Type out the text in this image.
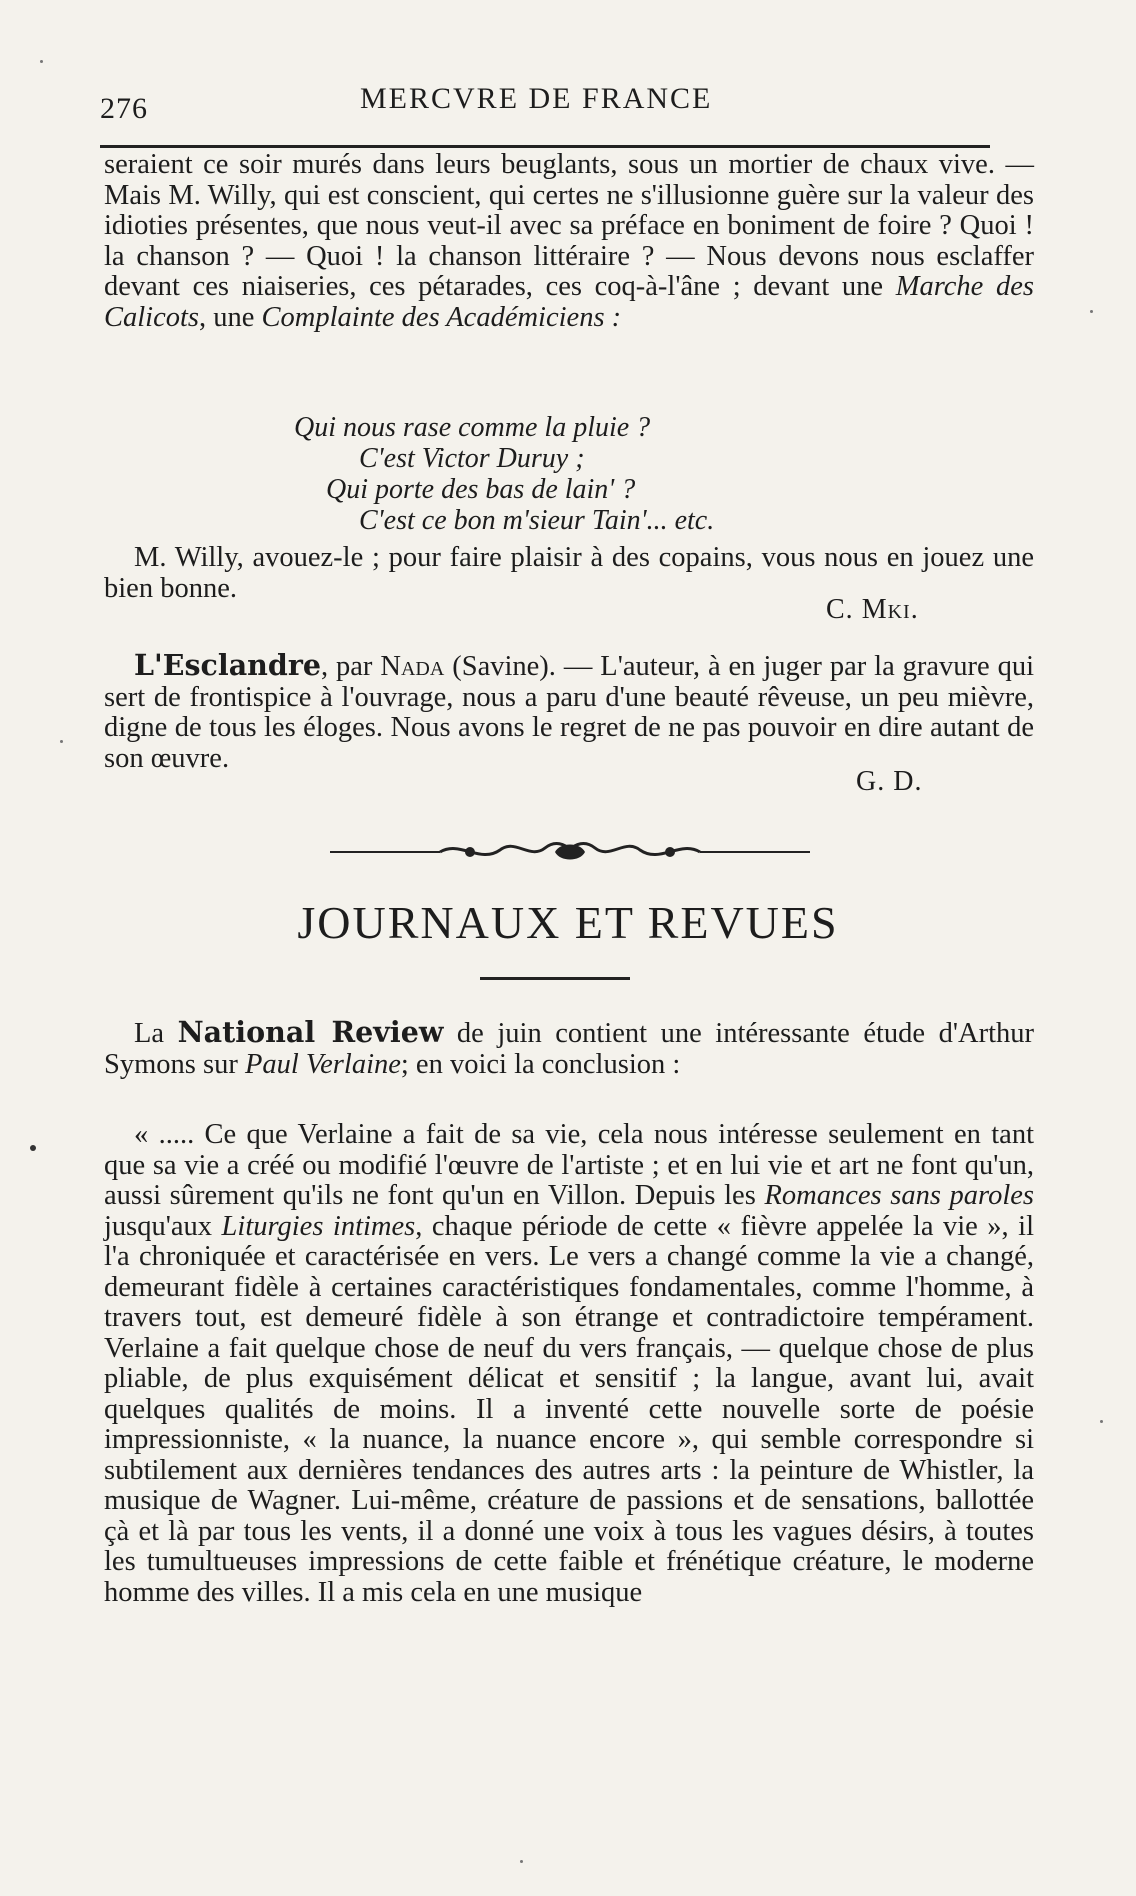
276	MERCVRE DE FRANCE

seraient ce soir murés dans leurs beuglants, sous un mortier de chaux vive. — Mais M. Willy, qui est conscient, qui certes ne s'illusionne guère sur la valeur des idioties présentes, que nous veut-il avec sa préface en boniment de foire ? Quoi ! la chanson ? — Quoi ! la chanson littéraire ? — Nous devons nous esclaffer devant ces niaiseries, ces pétarades, ces coq-à-l'âne ; devant une Marche des Calicots, une Complainte des Académiciens :

Qui nous rase comme la pluie ?
C'est Victor Duruy ;
Qui porte des bas de lain' ?
C'est ce bon m'sieur Tain'... etc.

M. Willy, avouez-le ; pour faire plaisir à des copains, vous nous en jouez une bien bonne.

C. Mki.

L'Esclandre, par Nada (Savine). — L'auteur, à en juger par la gravure qui sert de frontispice à l'ouvrage, nous a paru d'une beauté rêveuse, un peu mièvre, digne de tous les éloges. Nous avons le regret de ne pas pouvoir en dire autant de son œuvre.

G. D.
JOURNAUX ET REVUES

La National Review de juin contient une intéressante étude d'Arthur Symons sur Paul Verlaine; en voici la conclusion :

« ..... Ce que Verlaine a fait de sa vie, cela nous intéresse seulement en tant que sa vie a créé ou modifié l'œuvre de l'artiste ; et en lui vie et art ne font qu'un, aussi sûrement qu'ils ne font qu'un en Villon. Depuis les Romances sans paroles jusqu'aux Liturgies intimes, chaque période de cette « fièvre appelée la vie », il l'a chroniquée et caractérisée en vers. Le vers a changé comme la vie a changé, demeurant fidèle à certaines caractéristiques fondamentales, comme l'homme, à travers tout, est demeuré fidèle à son étrange et contradictoire tempérament. Verlaine a fait quelque chose de neuf du vers français, — quelque chose de plus pliable, de plus exquisément délicat et sensitif ; la langue, avant lui, avait quelques qualités de moins. Il a inventé cette nouvelle sorte de poésie impressionniste, « la nuance, la nuance encore », qui semble correspondre si subtilement aux dernières tendances des autres arts : la peinture de Whistler, la musique de Wagner. Lui-même, créature de passions et de sensations, ballottée çà et là par tous les vents, il a donné une voix à tous les vagues désirs, à toutes les tumultueuses impressions de cette faible et frénétique créature, le moderne homme des villes. Il a mis cela en une musique
